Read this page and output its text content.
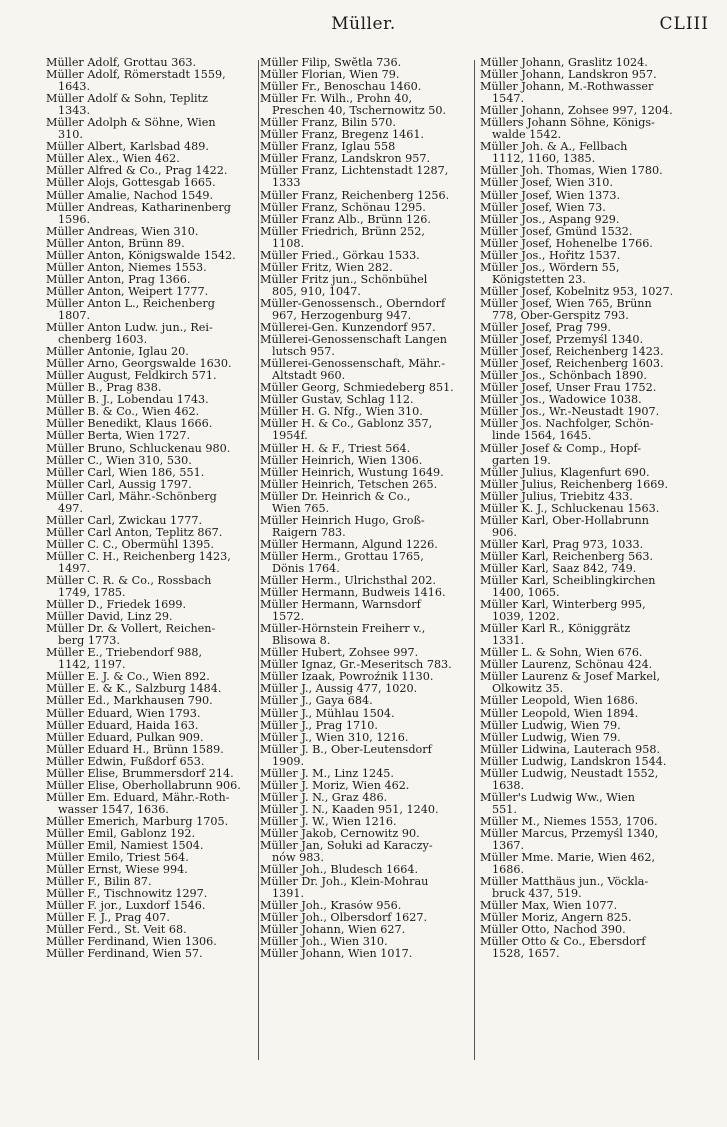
Müller.	CLIII
Müller Adolf, Grottau 363.
Müller Adolf, Römerstadt 1559,

1643.
Müller Adolf & Sohn, Teplitz

1343.
Müller Adolph & Söhne, Wien

310.
Müller Albert, Karlsbad 489.
Müller Alex., Wien 462.
Müller Alfred & Co., Prag 1422.
Müller Alojs, Gottesgab 1665.
Müller Amalie, Nachod 1549.
Müller Andreas, Katharinenberg

1596.
Müller Andreas, Wien 310.
Müller Anton, Brünn 89.
Müller Anton, Königswalde 1542.
Müller Anton, Niemes 1553.
Müller Anton, Prag 1366.
Müller Anton, Weipert 1777.
Müller Anton L., Reichenberg

1807.
Müller Anton Ludw. jun., Rei-

chenberg 1603.
Müller Antonie, Iglau 20.
Müller Arno, Georgswalde 1630.
Müller August, Feldkirch 571.
Müller B., Prag 838.
Müller B. J., Lobendau 1743.
Müller B. & Co., Wien 462.
Müller Benedikt, Klaus 1666.
Müller Berta, Wien 1727.
Müller Bruno, Schluckenau 980.
Müller C., Wien 310, 530.
Müller Carl, Wien 186, 551.
Müller Carl, Aussig 1797.
Müller Carl, Mähr.-Schönberg

497.
Müller Carl, Zwickau 1777.
Müller Carl Anton, Teplitz 867.
Müller C. C., Obermühl 1395.
Müller C. H., Reichenberg 1423,

1497.
Müller C. R. & Co., Rossbach

1749, 1785.
Müller D., Friedek 1699.
Müller David, Linz 29.
Müller Dr. & Vollert, Reichen-

berg 1773.
Müller E., Triebendorf 988,

1142, 1197.
Müller E. J. & Co., Wien 892.
Müller E. & K., Salzburg 1484.
Müller Ed., Markhausen 790.
Müller Eduard, Wien 1793.
Müller Eduard, Haida 163.
Müller Eduard, Pulkan 909.
Müller Eduard H., Brünn 1589.
Müller Edwin, Fußdorf 653.
Müller Elise, Brummersdorf 214.
Müller Elise, Oberhollabrunn 906.
Müller Em. Eduard, Mähr.-Roth-

wasser 1547, 1636.
Müller Emerich, Marburg 1705.
Müller Emil, Gablonz 192.
Müller Emil, Namiest 1504.
Müller Emilo, Triest 564.
Müller Ernst, Wiese 994.
Müller F., Bilin 87.
Müller F., Tischnowitz 1297.
Müller F. jor., Luxdorf 1546.
Müller F. J., Prag 407.
Müller Ferd., St. Veit 68.
Müller Ferdinand, Wien 1306.
Müller Ferdinand, Wien 57.
Müller Filip, Swĕtla 736.
Müller Florian, Wien 79.
Müller Fr., Benoschau 1460.
Müller Fr. Wilh., Prohn 40,

Preschen 40, Tschernowitz 50.
Müller Franz, Bilin 570.
Müller Franz, Bregenz 1461.
Müller Franz, Iglau 558
Müller Franz, Landskron 957.
Müller Franz, Lichtenstadt 1287,

1333
Müller Franz, Reichenberg 1256.
Müller Franz, Schönau 1295.
Müller Franz Alb., Brünn 126.
Müller Friedrich, Brünn 252,

1108.
Müller Fried., Görkau 1533.
Müller Fritz, Wien 282.
Müller Fritz jun., Schönbühel

805, 910, 1047.
Müller-Genossensch., Oberndorf

967, Herzogenburg 947.
Müllerei-Gen. Kunzendorf 957.
Müllerei-Genossenschaft Langen

lutsch 957.
Müllerei-Genossenschaft, Mähr.-

Altstadt 960.
Müller Georg, Schmiedeberg 851.
Müller Gustav, Schlag 112.
Müller H. G. Nfg., Wien 310.
Müller H. & Co., Gablonz 357,

1954f.
Müller H. & F., Triest 564.
Müller Heinrich, Wien 1306.
Müller Heinrich, Wustung 1649.
Müller Heinrich, Tetschen 265.
Müller Dr. Heinrich & Co.,

Wien 765.
Müller Heinrich Hugo, Groß-

Raigern 783.
Müller Hermann, Algund 1226.
Müller Herm., Grottau 1765,

Dönis 1764.
Müller Herm., Ulrichsthal 202.
Müller Hermann, Budweis 1416.
Müller Hermann, Warnsdorf

1572.
Müller-Hörnstein Freiherr v.,

Blisowa 8.
Müller Hubert, Zohsee 997.
Müller Ignaz, Gr.-Meseritsch 783.
Müller Izaak, Powroźnik 1130.
Müller J., Aussig 477, 1020.
Müller J., Gaya 684.
Müller J., Mühlau 1504.
Müller J., Prag 1710.
Müller J., Wien 310, 1216.
Müller J. B., Ober-Leutensdorf

1909.
Müller J. M., Linz 1245.
Müller J. Moriz, Wien 462.
Müller J. N., Graz 486.
Müller J. N., Kaaden 951, 1240.
Müller J. W., Wien 1216.
Müller Jakob, Černowitz 90.
Müller Jan, Sołuki ad Karaczy-

nów 983.
Müller Joh., Bludesch 1664.
Müller Dr. Joh., Klein-Mohrau

1391.
Müller Joh., Krasów 956.
Müller Joh., Olbersdorf 1627.
Müller Johann, Wien 627.
Müller Joh., Wien 310.
Müller Johann, Wien 1017.
Müller Johann, Graslitz 1024.
Müller Johann, Landskron 957.
Müller Johann, M.-Rothwasser

1547.
Müller Johann, Zohsee 997, 1204.
Müllers Johann Söhne, Königs-

walde 1542.
Müller Joh. & A., Fellbach

1112, 1160, 1385.
Müller Joh. Thomas, Wien 1780.
Müller Josef, Wien 310.
Müller Josef, Wien 1373.
Müller Josef, Wien 73.
Müller Jos., Aspang 929.
Müller Josef, Gmünd 1532.
Müller Josef, Hohenelbe 1766.
Müller Jos., Hořitz 1537.
Müller Jos., Wördern 55,

Königstetten 23.
Müller Josef, Kobelnitz 953, 1027.
Müller Josef, Wien 765, Brünn

778, Ober-Gerspitz 793.
Müller Josef, Prag 799.
Müller Josef, Przemyśl 1340.
Müller Josef, Reichenberg 1423.
Müller Josef, Reichenberg 1603.
Müller Jos., Schönbach 1890.
Müller Josef, Unser Frau 1752.
Müller Jos., Wadowice 1038.
Müller Jos., Wr.-Neustadt 1907.
Müller Jos. Nachfolger, Schön-

linde 1564, 1645.
Müller Josef & Comp., Hopf-

garten 19.
Müller Julius, Klagenfurt 690.
Müller Julius, Reichenberg 1669.
Müller Julius, Triebitz 433.
Müller K. J., Schluckenau 1563.
Müller Karl, Ober-Hollabrunn

906.
Müller Karl, Prag 973, 1033.
Müller Karl, Reichenberg 563.
Müller Karl, Saaz 842, 749.
Müller Karl, Scheiblingkirchen

1400, 1065.
Müller Karl, Winterberg 995,

1039, 1202.
Müller Karl R., Königgrätz

1331.
Müller L. & Sohn, Wien 676.
Müller Laurenz, Schönau 424.
Müller Laurenz & Josef Markel,

Olkowitz 35.
Müller Leopold, Wien 1686.
Müller Leopold, Wien 1894.
Müller Ludwig, Wien 79.
Müller Ludwig, Wien 79.
Müller Lidwina, Lauterach 958.
Müller Ludwig, Landskron 1544.
Müller Ludwig, Neustadt 1552,

1638.
Müller's Ludwig Ww., Wien

551.
Müller M., Niemes 1553, 1706.
Müller Marcus, Przemyśl 1340,

1367.
Müller Mme. Marie, Wien 462,

1686.
Müller Matthäus jun., Vöckla-

bruck 437, 519.
Müller Max, Wien 1077.
Müller Moriz, Angern 825.
Müller Otto, Nachod 390.
Müller Otto & Co., Ebersdorf

1528, 1657.
